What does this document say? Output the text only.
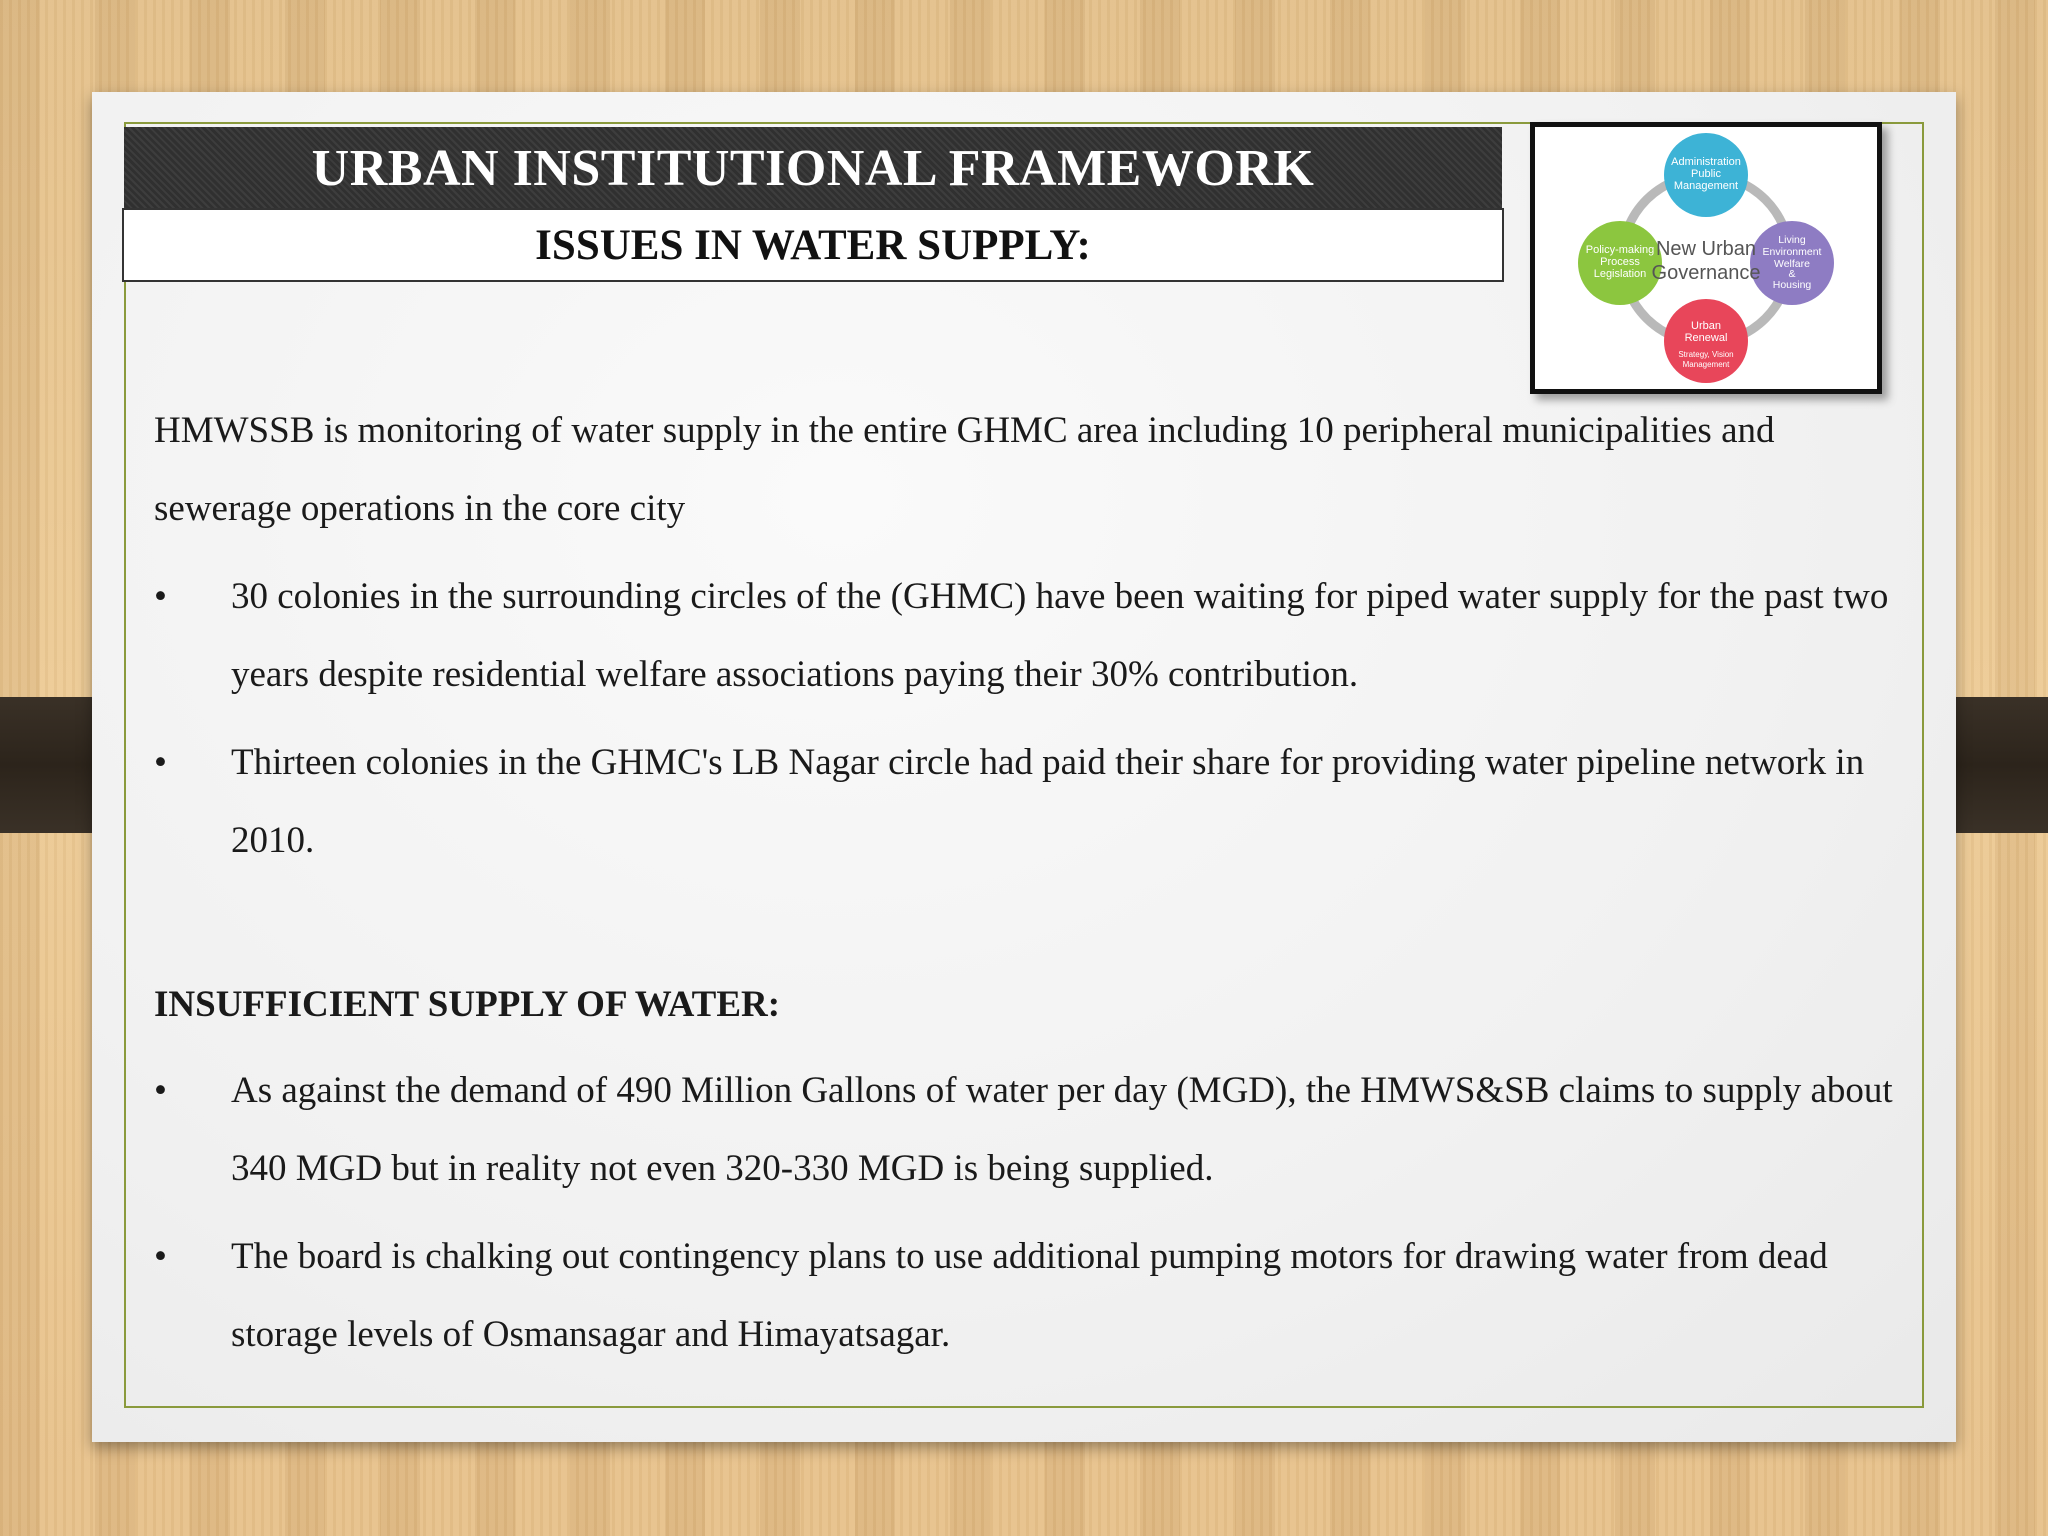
URBAN INSTITUTIONAL FRAMEWORK
ISSUES IN WATER SUPPLY:
Administration
Public
Management
Policy-making
Process
Legislation
Living
Environment
Welfare
&
Housing
Urban
Renewal
Strategy, Vision
Management
New Urban
Governance

HMWSSB is monitoring of water supply in the entire GHMC area including 10 peripheral municipalities and sewerage operations in the core city

• 30 colonies in the surrounding circles of the (GHMC) have been waiting for piped water supply for the past two years despite residential welfare associations paying their 30% contribution.
• Thirteen colonies in the GHMC's LB Nagar circle had paid their share for providing water pipeline network in 2010.

INSUFFICIENT SUPPLY OF WATER:

• As against the demand of 490 Million Gallons of water per day (MGD), the HMWS&SB claims to supply about 340 MGD but in reality not even 320-330 MGD is being supplied.
• The board is chalking out contingency plans to use additional pumping motors for drawing water from dead storage levels of Osmansagar and Himayatsagar.
